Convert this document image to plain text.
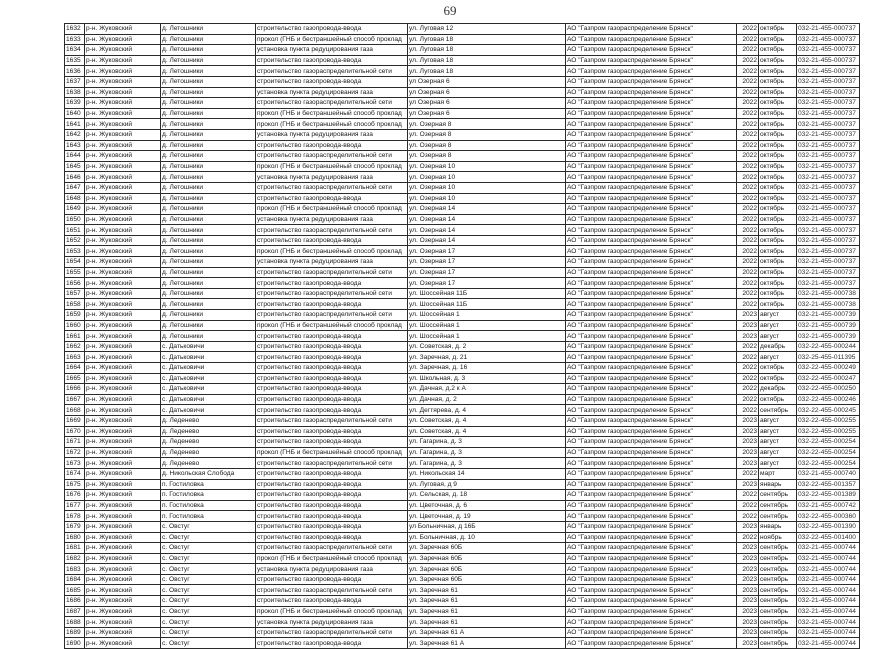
69
1632	р-н. Жуковский	д. Летошники	строительство газопровода-ввода	ул. Луговая 12	АО "Газпром газораспределение Брянск"	2022	октябрь	032-21-455-000737
1633	р-н. Жуковский	д. Летошники	прокол (ГНБ и бестраншейный способ проклад	ул. Луговая 18	АО "Газпром газораспределение Брянск"	2022	октябрь	032-21-455-000737
1634	р-н. Жуковский	д. Летошники	установка пункта редуцирования газа	ул. Луговая 18	АО "Газпром газораспределение Брянск"	2022	октябрь	032-21-455-000737
1635	р-н. Жуковский	д. Летошники	строительство газопровода-ввода	ул. Луговая 18	АО "Газпром газораспределение Брянск"	2022	октябрь	032-21-455-000737
1636	р-н. Жуковский	д. Летошники	строительство газораспределительной сети	ул. Луговая 18	АО "Газпром газораспределение Брянск"	2022	октябрь	032-21-455-000737
1637	р-н. Жуковский	д. Летошники	строительство газопровода-ввода	ул Озерная 6	АО "Газпром газораспределение Брянск"	2022	октябрь	032-21-455-000737
1638	р-н. Жуковский	д. Летошники	установка пункта редуцирования газа	ул Озерная 6	АО "Газпром газораспределение Брянск"	2022	октябрь	032-21-455-000737
1639	р-н. Жуковский	д. Летошники	строительство газораспределительной сети	ул Озерная 6	АО "Газпром газораспределение Брянск"	2022	октябрь	032-21-455-000737
1640	р-н. Жуковский	д. Летошники	прокол (ГНБ и бестраншейный способ проклад	ул Озерная 6	АО "Газпром газораспределение Брянск"	2022	октябрь	032-21-455-000737
1641	р-н. Жуковский	д. Летошники	прокол (ГНБ и бестраншейный способ проклад	ул. Озерная 8	АО "Газпром газораспределение Брянск"	2022	октябрь	032-21-455-000737
1642	р-н. Жуковский	д. Летошники	установка пункта редуцирования газа	ул. Озерная 8	АО "Газпром газораспределение Брянск"	2022	октябрь	032-21-455-000737
1643	р-н. Жуковский	д. Летошники	строительство газопровода-ввода	ул. Озерная 8	АО "Газпром газораспределение Брянск"	2022	октябрь	032-21-455-000737
1644	р-н. Жуковский	д. Летошники	строительство газораспределительной сети	ул. Озерная 8	АО "Газпром газораспределение Брянск"	2022	октябрь	032-21-455-000737
1645	р-н. Жуковский	д. Летошники	прокол (ГНБ и бестраншейный способ проклад	ул. Озерная 10	АО "Газпром газораспределение Брянск"	2022	октябрь	032-21-455-000737
1646	р-н. Жуковский	д. Летошники	установка пункта редуцирования газа	ул. Озерная 10	АО "Газпром газораспределение Брянск"	2022	октябрь	032-21-455-000737
1647	р-н. Жуковский	д. Летошники	строительство газораспределительной сети	ул. Озерная 10	АО "Газпром газораспределение Брянск"	2022	октябрь	032-21-455-000737
1648	р-н. Жуковский	д. Летошники	строительство газопровода-ввода	ул. Озерная 10	АО "Газпром газораспределение Брянск"	2022	октябрь	032-21-455-000737
1649	р-н. Жуковский	д. Летошники	прокол (ГНБ и бестраншейный способ проклад	ул. Озерная 14	АО "Газпром газораспределение Брянск"	2022	октябрь	032-21-455-000737
1650	р-н. Жуковский	д. Летошники	установка пункта редуцирования газа	ул. Озерная 14	АО "Газпром газораспределение Брянск"	2022	октябрь	032-21-455-000737
1651	р-н. Жуковский	д. Летошники	строительство газораспределительной сети	ул. Озерная 14	АО "Газпром газораспределение Брянск"	2022	октябрь	032-21-455-000737
1652	р-н. Жуковский	д. Летошники	строительство газопровода-ввода	ул. Озерная 14	АО "Газпром газораспределение Брянск"	2022	октябрь	032-21-455-000737
1653	р-н. Жуковский	д. Летошники	прокол (ГНБ и бестраншейный способ проклад	ул. Озерная 17	АО "Газпром газораспределение Брянск"	2022	октябрь	032-21-455-000737
1654	р-н. Жуковский	д. Летошники	установка пункта редуцирования газа	ул. Озерная 17	АО "Газпром газораспределение Брянск"	2022	октябрь	032-21-455-000737
1655	р-н. Жуковский	д. Летошники	строительство газораспределительной сети	ул. Озерная 17	АО "Газпром газораспределение Брянск"	2022	октябрь	032-21-455-000737
1656	р-н. Жуковский	д. Летошники	строительство газопровода-ввода	ул. Озерная 17	АО "Газпром газораспределение Брянск"	2022	октябрь	032-21-455-000737
1657	р-н. Жуковский	д. Летошники	строительство газораспределительной сети	ул. Шоссейная 11Б	АО "Газпром газораспределение Брянск"	2022	октябрь	032-21-455-000738
1658	р-н. Жуковский	д. Летошники	строительство газопровода-ввода	ул. Шоссейная 11Б	АО "Газпром газораспределение Брянск"	2022	октябрь	032-21-455-000738
1659	р-н. Жуковский	д. Летошники	строительство газораспределительной сети	ул. Шоссейная 1	АО "Газпром газораспределение Брянск"	2023	август	032-21-455-000739
1660	р-н. Жуковский	д. Летошники	прокол (ГНБ и бестраншейный способ проклад	ул. Шоссейная 1	АО "Газпром газораспределение Брянск"	2023	август	032-21-455-000739
1661	р-н. Жуковский	д. Летошники	строительство газопровода-ввода	ул. Шоссейная 1	АО "Газпром газораспределение Брянск"	2023	август	032-21-455-000739
1662	р-н. Жуковский	с. Датьковичи	строительство газопровода-ввода	ул. Советская, д. 2	АО "Газпром газораспределение Брянск"	2022	декабрь	032-22-455-000244
1663	р-н. Жуковский	с. Датьковичи	строительство газопровода-ввода	ул. Заречная, д. 21	АО "Газпром газораспределение Брянск"	2022	август	032-25-455-011395
1664	р-н. Жуковский	с. Датьковичи	строительство газопровода-ввода	ул. Заречная, д. 16	АО "Газпром газораспределение Брянск"	2022	октябрь	032-22-455-000249
1665	р-н. Жуковский	с. Датьковичи	строительство газопровода-ввода	ул. Школьная, д. 3	АО "Газпром газораспределение Брянск"	2022	октябрь	032-22-455-000247
1666	р-н. Жуковский	с. Датьковичи	строительство газопровода-ввода	ул. Дачная, д.2 к А	АО "Газпром газораспределение Брянск"	2022	декабрь	032-22-455-000250
1667	р-н. Жуковский	с. Датьковичи	строительство газопровода-ввода	ул. Дачная, д. 2	АО "Газпром газораспределение Брянск"	2022	октябрь	032-22-455-000246
1668	р-н. Жуковский	с. Датьковичи	строительство газопровода-ввода	ул. Дегтярева, д. 4	АО "Газпром газораспределение Брянск"	2022	сентябрь	032-22-455-000245
1669	р-н. Жуковский	д. Леденево	строительство газораспределительной сети	ул. Советская, д. 4	АО "Газпром газораспределение Брянск"	2023	август	032-22-455-000255
1670	р-н. Жуковский	д. Леденево	строительство газопровода-ввода	ул. Советская, д. 4	АО "Газпром газораспределение Брянск"	2023	август	032-22-455-000255
1671	р-н. Жуковский	д. Леденево	строительство газопровода-ввода	ул. Гагарина, д. 3	АО "Газпром газораспределение Брянск"	2023	август	032-22-455-000254
1672	р-н. Жуковский	д. Леденево	прокол (ГНБ и бестраншейный способ проклад	ул. Гагарина, д. 3	АО "Газпром газораспределение Брянск"	2023	август	032-22-455-000254
1673	р-н. Жуковский	д. Леденево	строительство газораспределительной сети	ул. Гагарина, д. 3	АО "Газпром газораспределение Брянск"	2023	август	032-22-455-000254
1674	р-н. Жуковский	д. Никольская Слобода	строительство газопровода-ввода	ул. Никольская 14	АО "Газпром газораспределение Брянск"	2022	март	032-21-455-000740
1675	р-н. Жуковский	п. Гостиловка	строительство газопровода-ввода	ул. Луговая, д 9	АО "Газпром газораспределение Брянск"	2023	январь	032-22-455-001357
1676	р-н. Жуковский	п. Гостиловка	строительство газопровода-ввода	ул. Сельская, д. 18	АО "Газпром газораспределение Брянск"	2022	сентябрь	032-22-455-001389
1677	р-н. Жуковский	п. Гостиловка	строительство газопровода-ввода	ул. Цветочная, д. 6	АО "Газпром газораспределение Брянск"	2022	сентябрь	032-21-455-000742
1678	р-н. Жуковский	п. Гостиловка	строительство газопровода-ввода	ул. Цветочная, д. 19	АО "Газпром газораспределение Брянск"	2022	сентябрь	032-22-455-000360
1679	р-н. Жуковский	с. Овстуг	строительство газопровода-ввода	ул Больничная, д 16Б	АО "Газпром газораспределение Брянск"	2023	январь	032-22-455-001390
1680	р-н. Жуковский	с. Овстуг	строительство газопровода-ввода	ул. Больничная, д. 10	АО "Газпром газораспределение Брянск"	2022	ноябрь	032-22-455-001400
1681	р-н. Жуковский	с. Овстуг	строительство газораспределительной сети	ул. Заречная 60Б	АО "Газпром газораспределение Брянск"	2023	сентябрь	032-21-455-000744
1682	р-н. Жуковский	с. Овстуг	прокол (ГНБ и бестраншейный способ проклад	ул. Заречная 60Б	АО "Газпром газораспределение Брянск"	2023	сентябрь	032-21-455-000744
1683	р-н. Жуковский	с. Овстуг	установка пункта редуцирования газа	ул. Заречная 60Б	АО "Газпром газораспределение Брянск"	2023	сентябрь	032-21-455-000744
1684	р-н. Жуковский	с. Овстуг	строительство газопровода-ввода	ул. Заречная 60Б	АО "Газпром газораспределение Брянск"	2023	сентябрь	032-21-455-000744
1685	р-н. Жуковский	с. Овстуг	строительство газораспределительной сети	ул. Заречная 61	АО "Газпром газораспределение Брянск"	2023	сентябрь	032-21-455-000744
1686	р-н. Жуковский	с. Овстуг	строительство газопровода-ввода	ул. Заречная 61	АО "Газпром газораспределение Брянск"	2023	сентябрь	032-21-455-000744
1687	р-н. Жуковский	с. Овстуг	прокол (ГНБ и бестраншейный способ проклад	ул. Заречная 61	АО "Газпром газораспределение Брянск"	2023	сентябрь	032-21-455-000744
1688	р-н. Жуковский	с. Овстуг	установка пункта редуцирования газа	ул. Заречная 61	АО "Газпром газораспределение Брянск"	2023	сентябрь	032-21-455-000744
1689	р-н. Жуковский	с. Овстуг	строительство газораспределительной сети	ул. Заречная 61 А	АО "Газпром газораспределение Брянск"	2023	сентябрь	032-21-455-000744
1690	р-н. Жуковский	с. Овстуг	строительство газопровода-ввода	ул. Заречная 61 А	АО "Газпром газораспределение Брянск"	2023	сентябрь	032-21-455-000744
